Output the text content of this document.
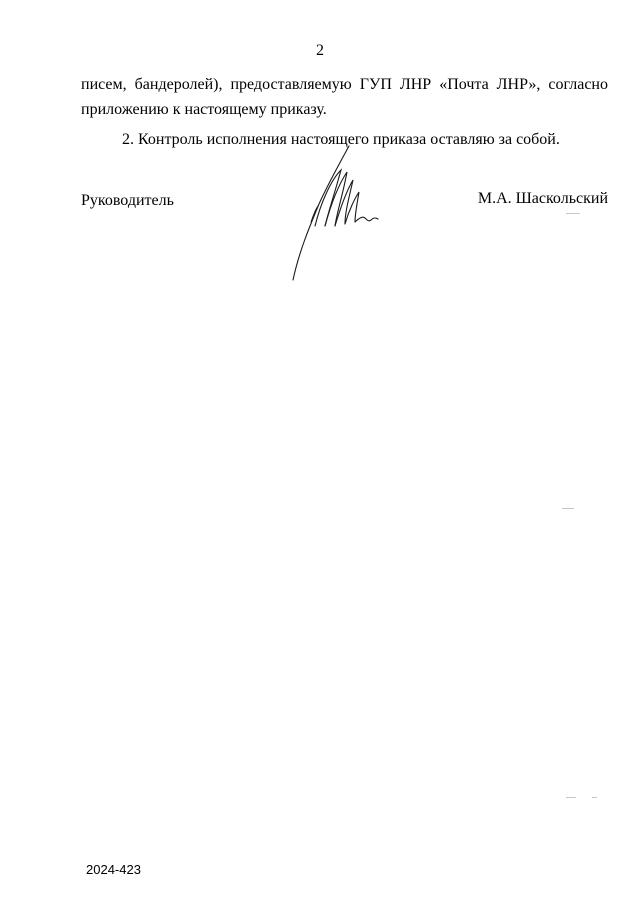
2
писем, бандеролей), предоставляемую ГУП ЛНР «Почта ЛНР», согласно
приложению к настоящему приказу.
2. Контроль исполнения настоящего приказа оставляю за собой.
Руководитель	М.А. Шаскольский
2024-423
